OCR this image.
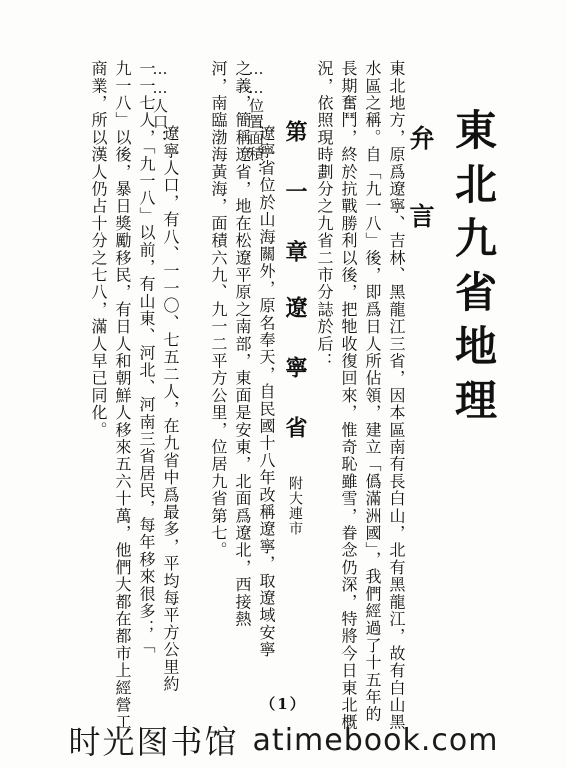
東北九省地理
弁 言
東北地方，原爲遼寧、吉林、黑龍江三省，因本區南有長白山，北有黑龍江，故有白山黑
水區之稱。自「九一八」後，即爲日人所佔領，建立「僞滿洲國」，我們經過了十五年的
長期奮鬥，終於抗戰勝利以後，把牠收復回來，惟奇恥雖雪，眷念仍深，特將今日東北概
況，依照現時劃分之九省二市分誌於后：
第 一 章　遼 寧 省 附大連市
……位置面積：
遼寧省位於山海關外，原名奉天，自民國十八年改稱遼寧，取遼域安寧
之義，簡稱遼省，地在松遼平原之南部，東面是安東，北面爲遼北，西接熱
河，南臨渤海黃海，面積六九、九一二平方公里，位居九省第七。
……人口：
遼寧人口，有八、一一〇、七五二人，在九省中爲最多，平均每平方公里約
一一七人，「九一八」以前，有山東、河北、河南三省居民，每年移來很多；「
九一八」以後，暴日獎勵移民，有日人和朝鮮人移來五六十萬，他們大都在都市上經營工
商業，所以漢人仍占十分之七八，滿人早已同化。
（1）
时光图书馆 atimebook.com
